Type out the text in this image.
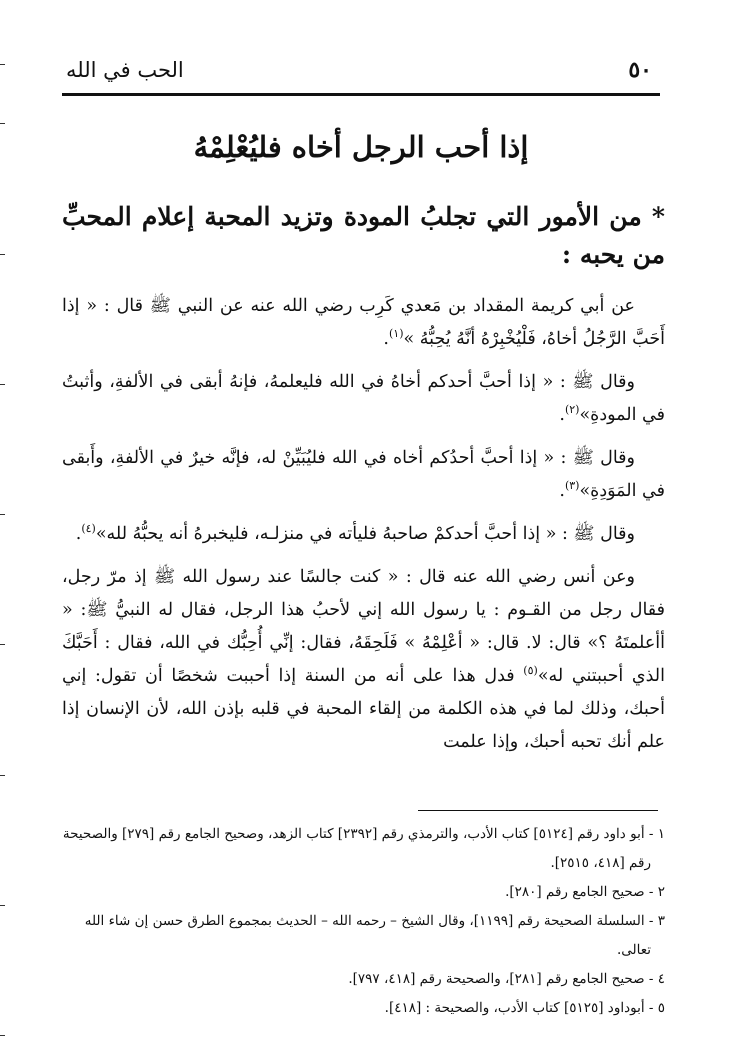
الحب في الله	٥٠
إذا أحب الرجل أخاه فليُعْلِمْهُ

* من الأمور التي تجلبُ المودة وتزيد المحبة إعلام المحبِّ من يحبه :

عن أبي كريمة المقداد بن مَعدي كَرِب رضي الله عنه عن النبي ﷺ قال : « إذا أَحَبَّ الرَّجُلُ أخاهُ، فَلْيُخْبِرْهُ أنَّهُ يُحِبُّهُ »$^{(١)}$.

وقال ﷺ : « إذا أحبَّ أحدكم أخاهُ في الله فليعلمهُ، فإنهُ أبقى في الألفةِ، وأثبتُ في المودةِ»$^{(٢)}$.

وقال ﷺ : « إذا أحبَّ أحدُكم أخاه في الله فليُبَيِّنْ له، فإنَّه خيرٌ في الألفةِ، وأَبقى في المَوَدِةِ»$^{(٣)}$.

وقال ﷺ : « إذا أحبَّ أحدكمْ صاحبهُ فليأته في منزلـه، فليخبرهُ أنه يحبُّهُ لله»$^{(٤)}$.

وعن أنس رضي الله عنه قال : « كنت جالسًا عند رسول الله ﷺ إذ مرّ رجل، فقال رجل من القـوم : يا رسول الله إني لأحبُ هذا الرجل، فقال له النبيُّ ﷺ: « أأعلمتَهُ ؟» قال: لا. قال: « أعْلِمْهُ » فَلَحِقَهُ، فقال: إنِّي أُحِبُّك في الله، فقال : أَحَبَّكَ الذي أحببتني له»$^{(٥)}$ فدل هذا على أنه من السنة إذا أحببت شخصًا أن تقول: إني أحبك، وذلك لما في هذه الكلمة من إلقاء المحبة في قلبه بإذن الله، لأن الإنسان إذا علم أنك تحبه أحبك، وإذا علمت

١ - أبو داود رقم [٥١٢٤] كتاب الأدب، والترمذي رقم [٢٣٩٢] كتاب الزهد، وصحيح الجامع رقم [٢٧٩] والصحيحة رقم [٤١٨، ٢٥١٥].

٢ - صحيح الجامع رقم [٢٨٠].

٣ - السلسلة الصحيحة رقم [١١٩٩]، وقال الشيخ – رحمه الله – الحديث بمجموع الطرق حسن إن شاء الله تعالى.

٤ - صحيح الجامع رقم [٢٨١]، والصحيحة رقم [٤١٨، ٧٩٧].

٥ - أبوداود [٥١٢٥] كتاب الأدب، والصحيحة : [٤١٨].
